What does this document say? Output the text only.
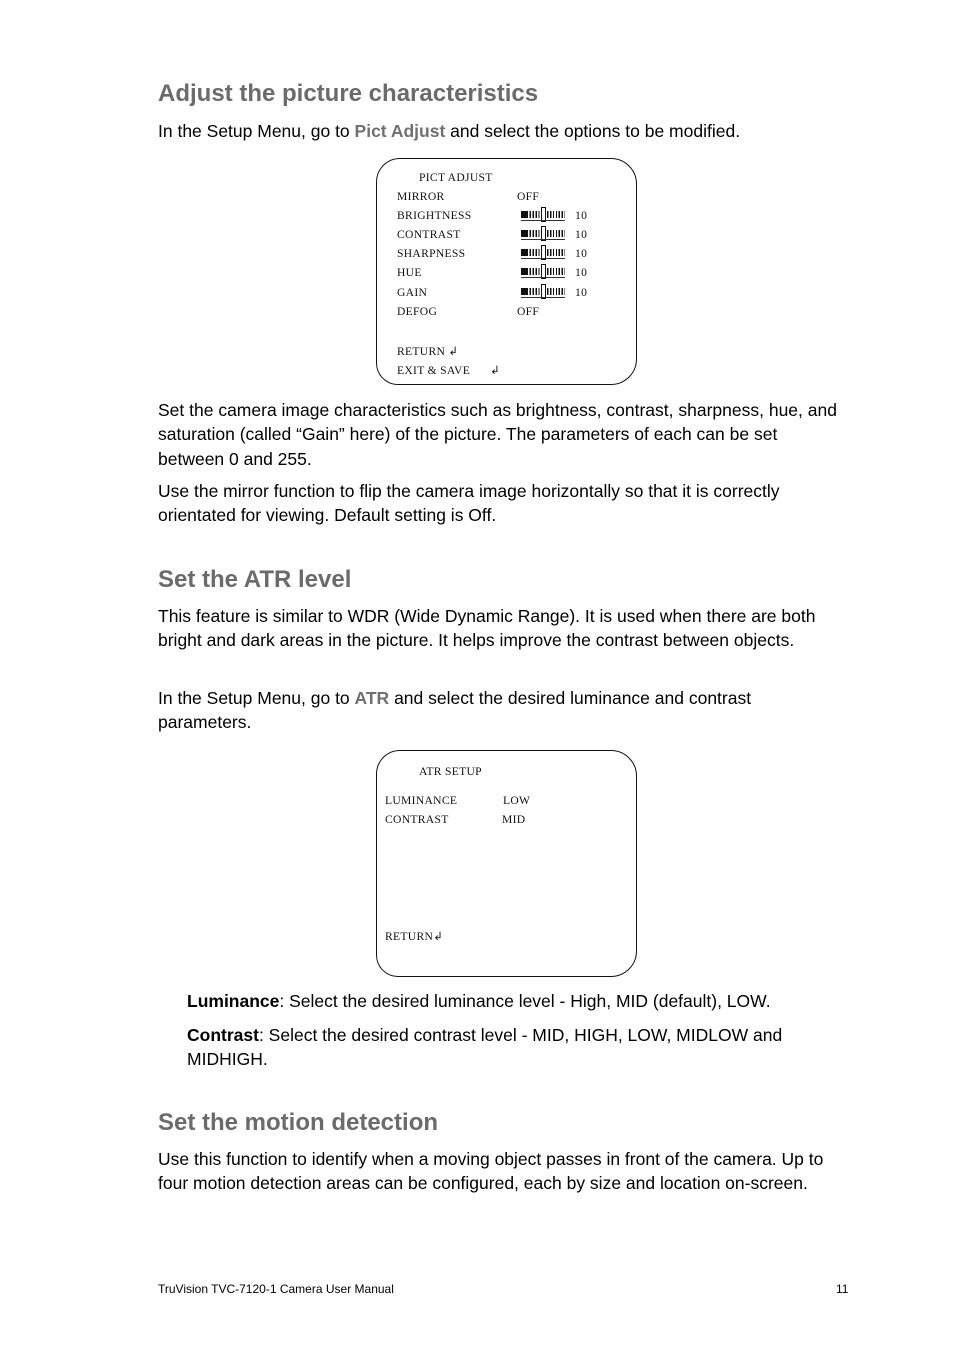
Adjust the picture characteristics

In the Setup Menu, go to Pict Adjust and select the options to be modified.

PICT ADJUST
MIRROR	OFF
BRIGHTNESS	10
CONTRAST	10
SHARPNESS	10
HUE	10
GAIN	10
DEFOG	OFF
RETURN ↲
EXIT & SAVE ↲

Set the camera image characteristics such as brightness, contrast, sharpness, hue, and saturation (called “Gain” here) of the picture. The parameters of each can be set between 0 and 255.

Use the mirror function to flip the camera image horizontally so that it is correctly orientated for viewing. Default setting is Off.

Set the ATR level

This feature is similar to WDR (Wide Dynamic Range). It is used when there are both bright and dark areas in the picture. It helps improve the contrast between objects.

In the Setup Menu, go to ATR and select the desired luminance and contrast parameters.

ATR SETUP
LUMINANCE	LOW
CONTRAST	MID
RETURN↲

Luminance: Select the desired luminance level - High, MID (default), LOW.

Contrast: Select the desired contrast level - MID, HIGH, LOW, MIDLOW and MIDHIGH.

Set the motion detection

Use this function to identify when a moving object passes in front of the camera. Up to four motion detection areas can be configured, each by size and location on-screen.

TruVision TVC-7120-1 Camera User Manual	11
